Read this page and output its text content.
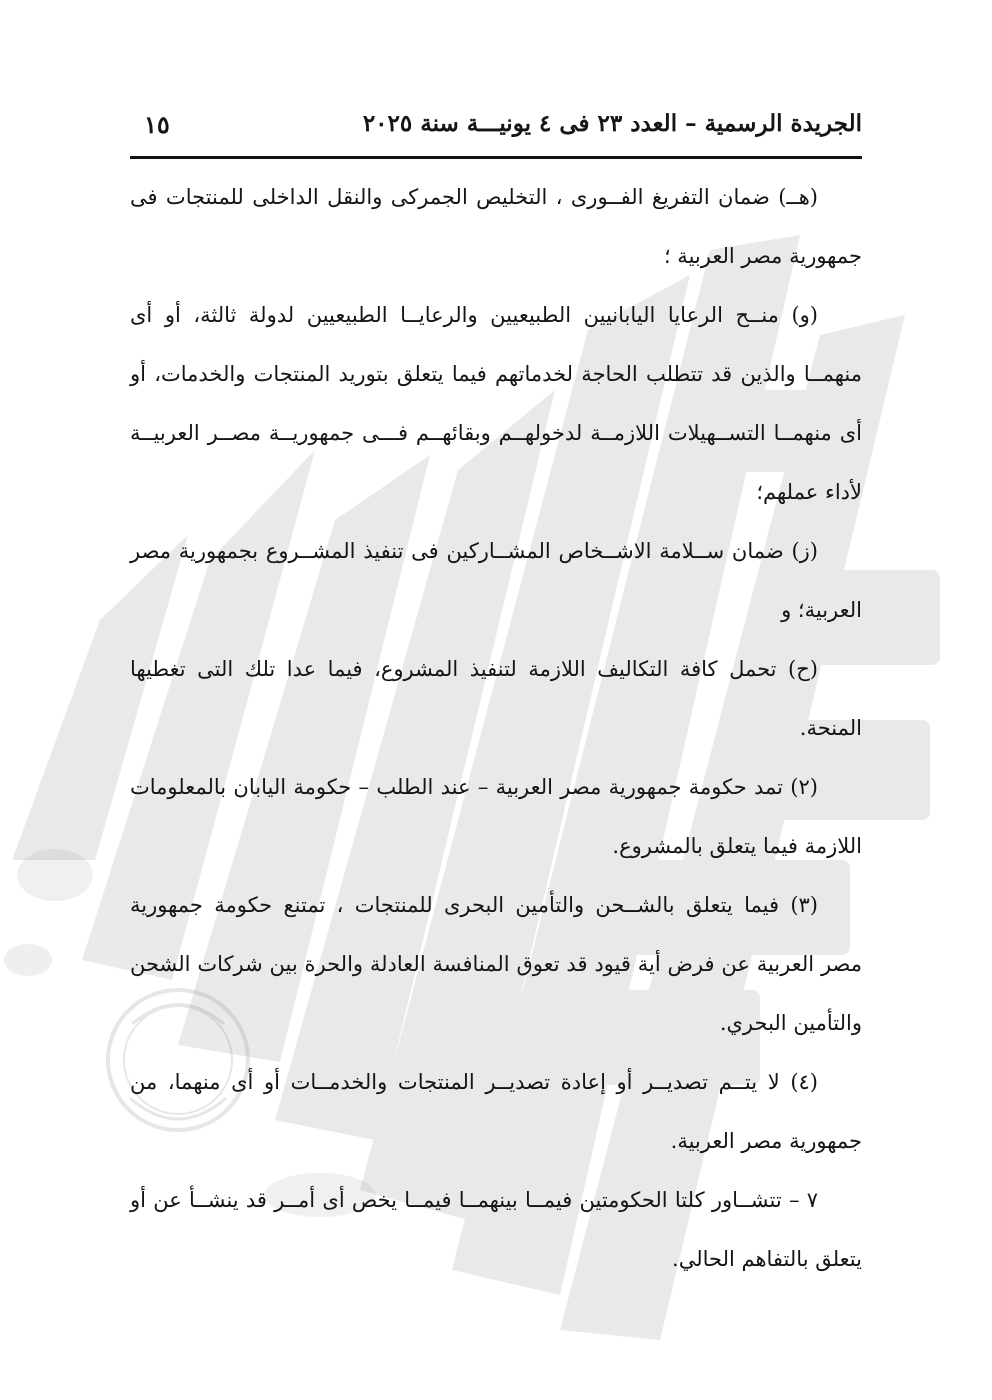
الجريدة الرسمية – العدد ٢٣ فى ٤ يونيـــة سنة ٢٠٢٥
١٥

(هــ) ضمان التفريغ الفــورى ، التخليص الجمركى والنقل الداخلى للمنتجات فى جمهورية مصر العربية ؛

(و) منــح الرعايا اليابانيين الطبيعيين والرعايــا الطبيعيين لدولة ثالثة، أو أى منهمــا والذين قد تتطلب الحاجة لخدماتهم فيما يتعلق بتوريد المنتجات والخدمات، أو أى منهمــا التســهيلات اللازمــة لدخولهــم وبقائهــم فـــى جمهوريــة مصــر العربيــة لأداء عملهم؛

(ز) ضمان ســلامة الاشــخاص المشــاركين فى تنفيذ المشــروع بجمهورية مصر العربية؛ و

(ح) تحمل كافة التكاليف اللازمة لتنفيذ المشروع، فيما عدا تلك التى تغطيها المنحة.

(٢) تمد حكومة جمهورية مصر العربية – عند الطلب – حكومة اليابان بالمعلومات اللازمة فيما يتعلق بالمشروع.

(٣) فيما يتعلق بالشــحن والتأمين البحرى للمنتجات ، تمتنع حكومة جمهورية مصر العربية عن فرض أية قيود قد تعوق المنافسة العادلة والحرة بين شركات الشحن والتأمين البحري.

(٤) لا يتــم تصديــر أو إعادة تصديــر المنتجات والخدمــات أو أى منهما، من جمهورية مصر العربية.

٧ – تتشــاور كلتا الحكومتين فيمــا بينهمــا فيمــا يخص أى أمــر قد ينشــأ عن أو يتعلق بالتفاهم الحالي.
